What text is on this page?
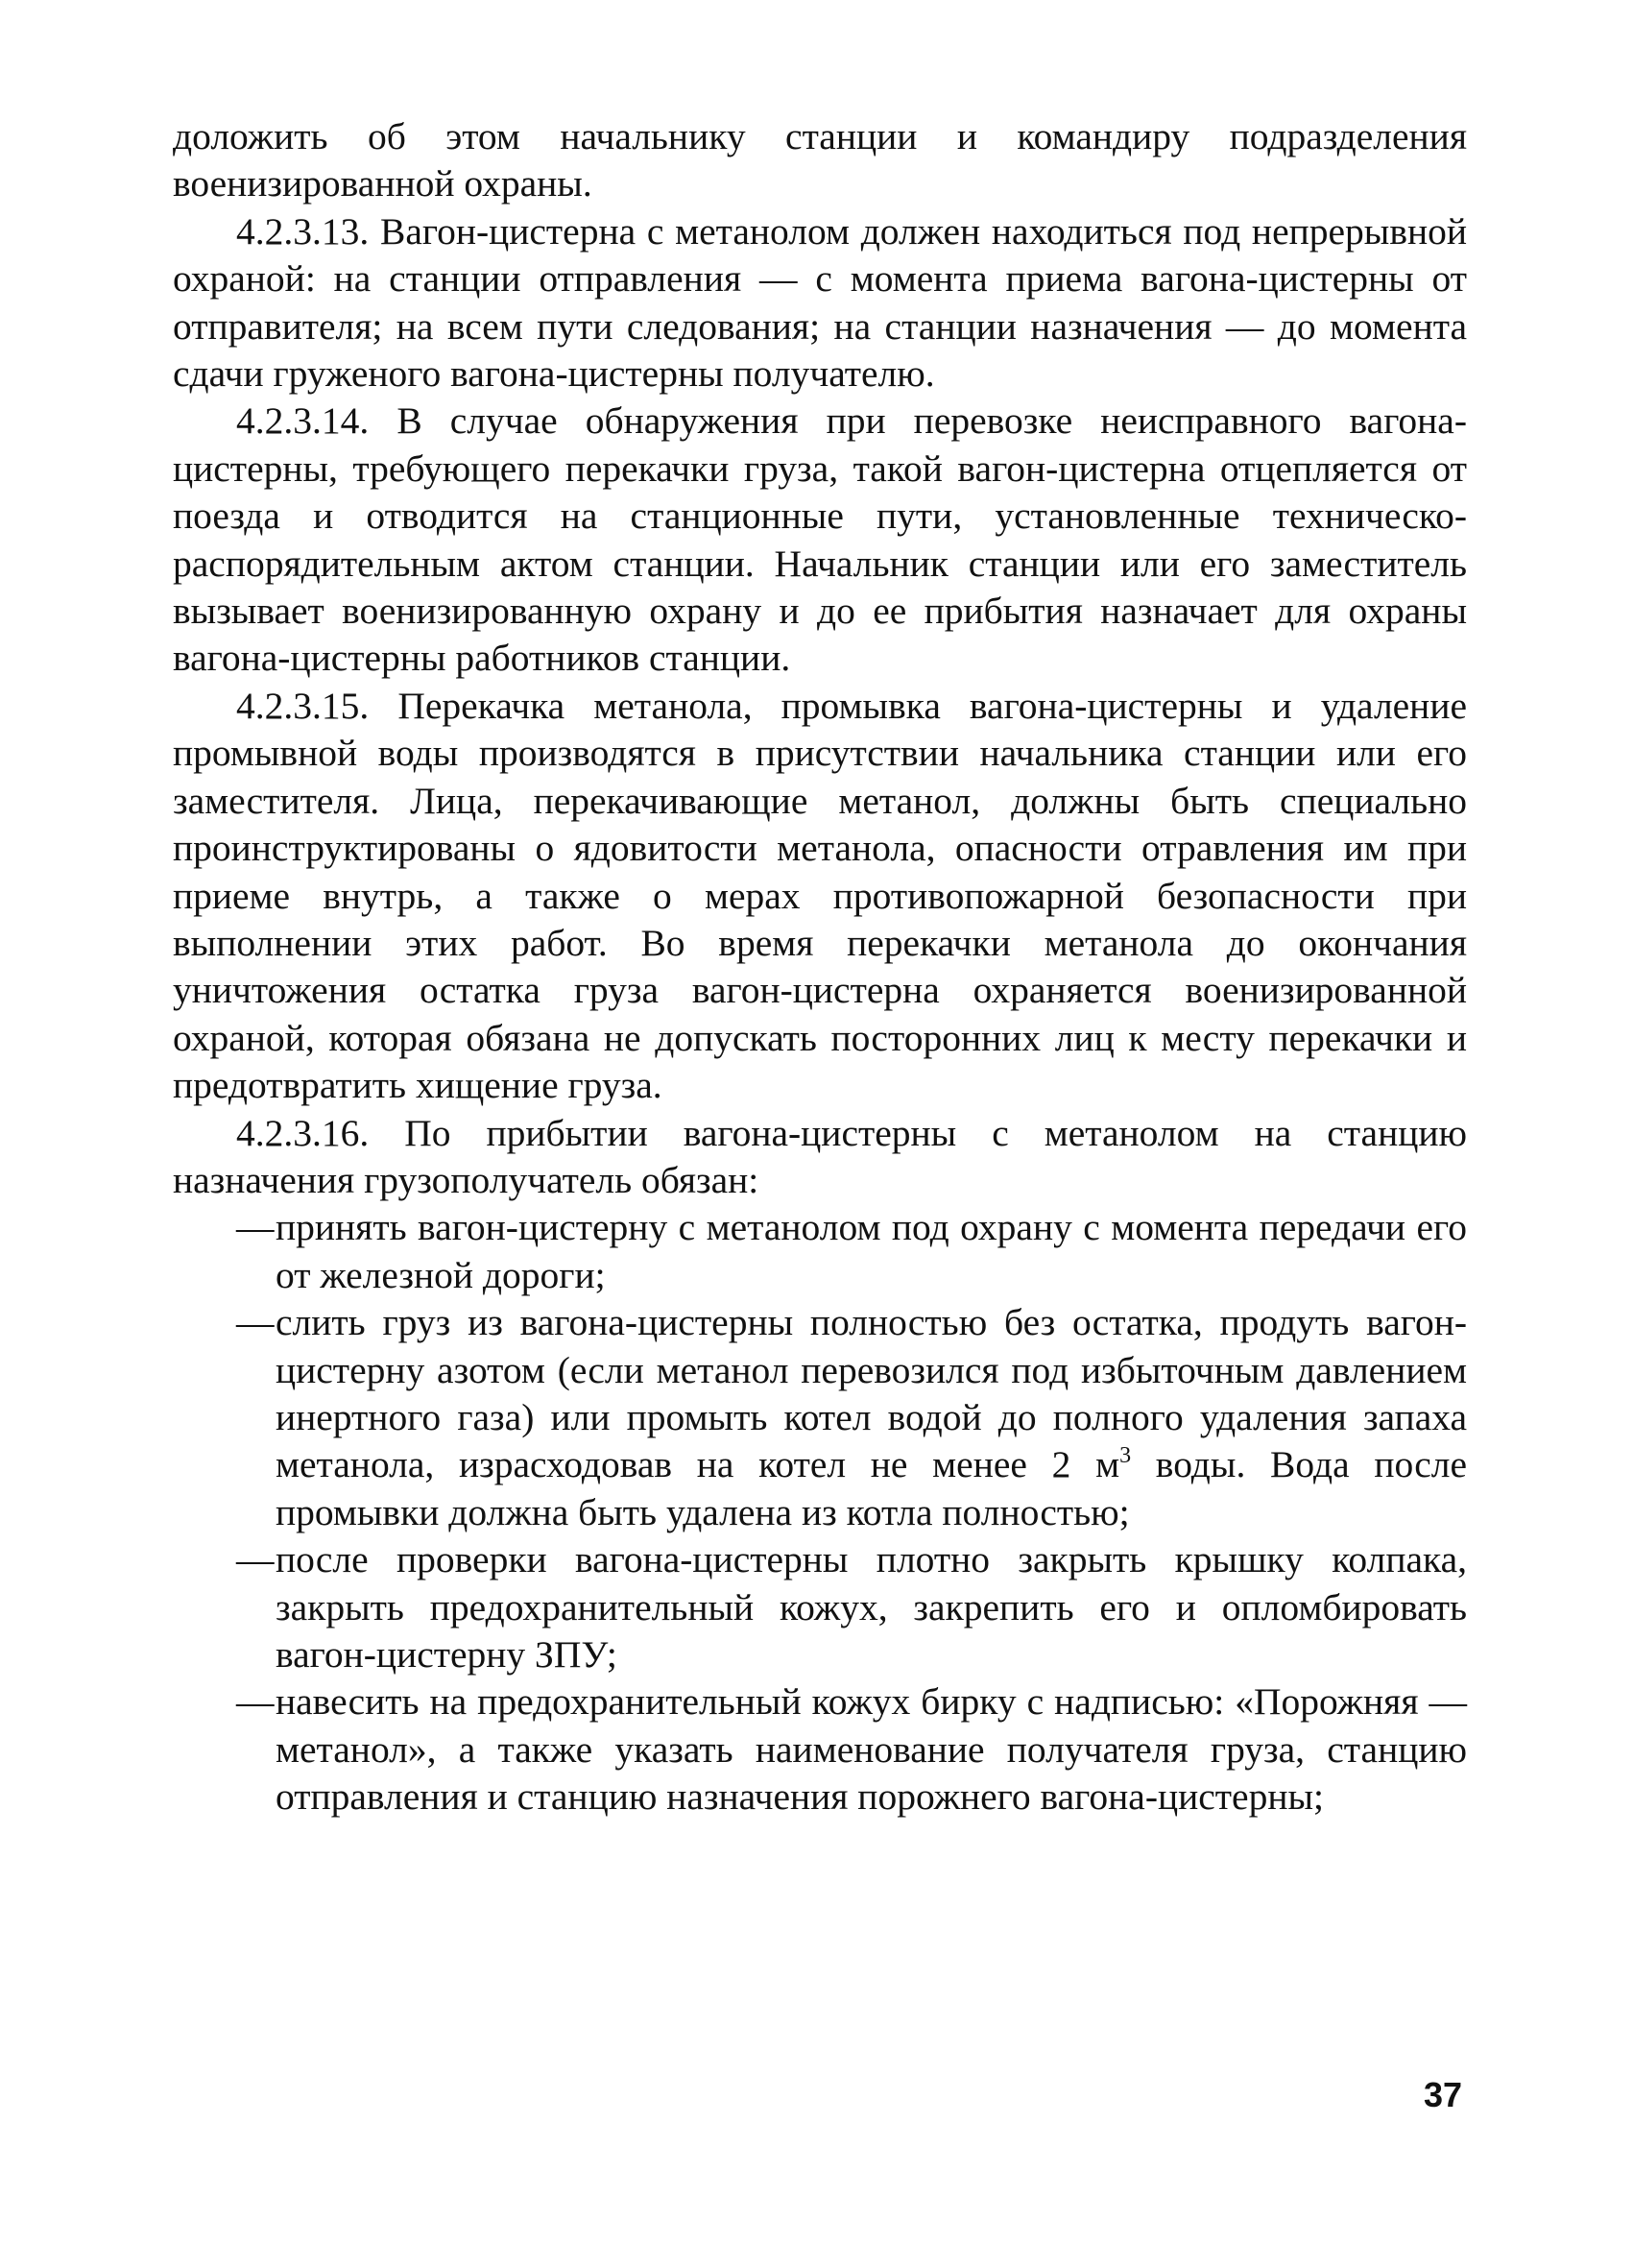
доложить об этом начальнику станции и командиру подразделения военизированной охраны.

4.2.3.13. Вагон-цистерна с метанолом должен находиться под непрерывной охраной: на станции отправления — с момента приема вагона-цистерны от отправителя; на всем пути следования; на станции назначения — до момента сдачи груженого вагона-цистерны получателю.

4.2.3.14. В случае обнаружения при перевозке неисправного вагона-цистерны, требующего перекачки груза, такой вагон-цистерна отцепляется от поезда и отводится на станционные пути, установленные техническо-распорядительным актом станции. Начальник станции или его заместитель вызывает военизированную охрану и до ее прибытия назначает для охраны вагона-цистерны работников станции.

4.2.3.15. Перекачка метанола, промывка вагона-цистерны и удаление промывной воды производятся в присутствии начальника станции или его заместителя. Лица, перекачивающие метанол, должны быть специально проинструктированы о ядовитости метанола, опасности отравления им при приеме внутрь, а также о мерах противопожарной безопасности при выполнении этих работ. Во время перекачки метанола до окончания уничтожения остатка груза вагон-цистерна охраняется военизированной охраной, которая обязана не допускать посторонних лиц к месту перекачки и предотвратить хищение груза.

4.2.3.16. По прибытии вагона-цистерны с метанолом на станцию назначения грузополучатель обязан:

— принять вагон-цистерну с метанолом под охрану с момента передачи его от железной дороги;
— слить груз из вагона-цистерны полностью без остатка, продуть вагон-цистерну азотом (если метанол перевозился под избыточным давлением инертного газа) или промыть котел водой до полного удаления запаха метанола, израсходовав на котел не менее 2 $м^3$ воды. Вода после промывки должна быть удалена из котла полностью;
— после проверки вагона-цистерны плотно закрыть крышку колпака, закрыть предохранительный кожух, закрепить его и опломбировать вагон-цистерну ЗПУ;
— навесить на предохранительный кожух бирку с надписью: «Порожняя — метанол», а также указать наименование получателя груза, станцию отправления и станцию назначения порожнего вагона-цистерны;
37
